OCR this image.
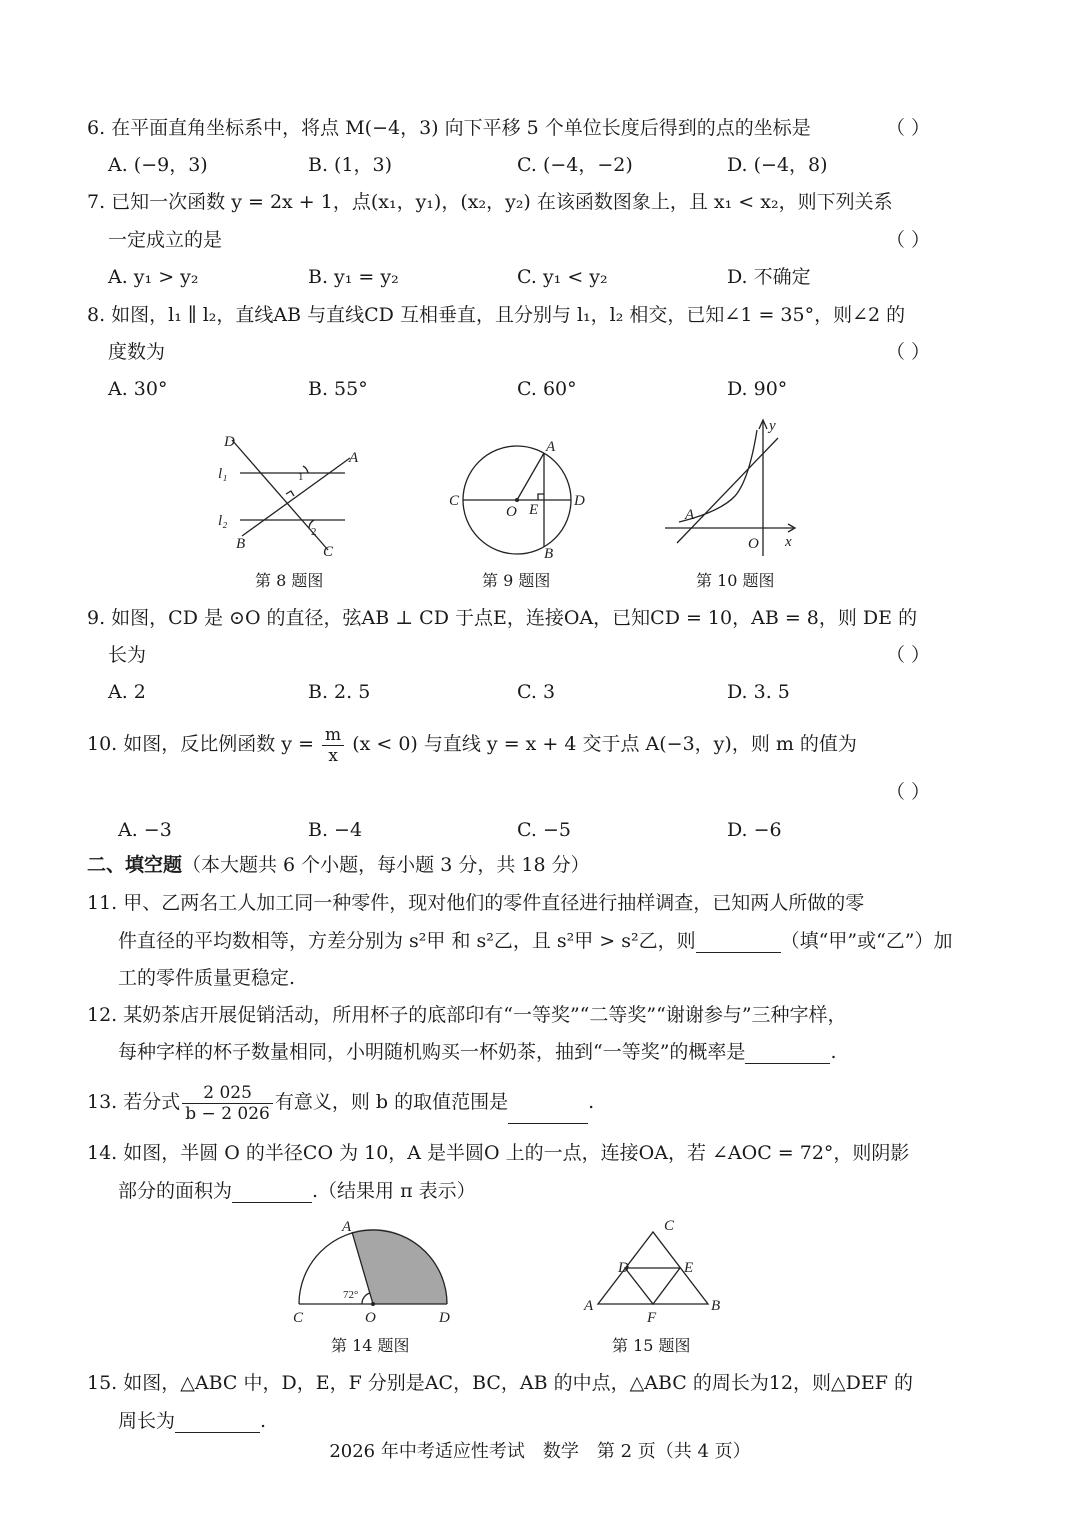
6. 在平面直角坐标系中，将点 M(−4，3) 向下平移 5 个单位长度后得到的点的坐标是	（ ）
A. (−9，3)	B. (1，3)	C. (−4，−2)	D. (−4，8)
7. 已知一次函数 y = 2x + 1，点(x₁，y₁)，(x₂，y₂) 在该函数图象上，且 x₁ < x₂，则下列关系
一定成立的是	（ ）
A. y₁ > y₂	B. y₁ = y₂	C. y₁ < y₂	D. 不确定
8. 如图，l₁ ∥ l₂，直线AB 与直线CD 互相垂直，且分别与 l₁，l₂ 相交，已知∠1 = 35°，则∠2 的
度数为	（ ）
A. 30°	B. 55°	C. 60°	D. 90°
D
A
B	C
l₁
l₂
1
2
第 8 题图
A
B
C	D
O E
第 9 题图
A
O x
y
第 10 题图
9. 如图，CD 是 ⊙O 的直径，弦AB ⊥ CD 于点E，连接OA，已知CD = 10，AB = 8，则 DE 的
长为	（ ）
A. 2	B. 2. 5	C. 3	D. 3. 5
10. 如图，反比例函数 $y = \frac{m}{x} (x < 0)$ 与直线 y = x + 4 交于点 A(−3，y)，则 m 的值为
（ ）
A. −3	B. −4	C. −5	D. −6
二、填空题（本大题共 6 个小题，每小题 3 分，共 18 分）
11. 甲、乙两名工人加工同一种零件，现对他们的零件直径进行抽样调查，已知两人所做的零
件直径的平均数相等，方差分别为 s²甲 和 s²乙，且 s²甲 > s²乙，则	（填“甲”或“乙”）加
工的零件质量更稳定.
12. 某奶茶店开展促销活动，所用杯子的底部印有“一等奖”“二等奖”“谢谢参与”三种字样，
每种字样的杯子数量相同，小明随机购买一杯奶茶，抽到“一等奖”的概率是	.
13. 若分式 $\frac{2 025}{b - 2 026}$ 有意义，则 b 的取值范围是	.
14. 如图，半圆 O 的半径CO 为 10，A 是半圆O 上的一点，连接OA，若 ∠AOC = 72°，则阴影
部分的面积为	.（结果用 π 表示）
A
C	O	D
72°
第 14 题图
C
A	B
D	E
F
第 15 题图
15. 如图，△ABC 中，D，E，F 分别是AC，BC，AB 的中点，△ABC 的周长为12，则△DEF 的
周长为	.
2026 年中考适应性考试　数学　第 2 页（共 4 页）
